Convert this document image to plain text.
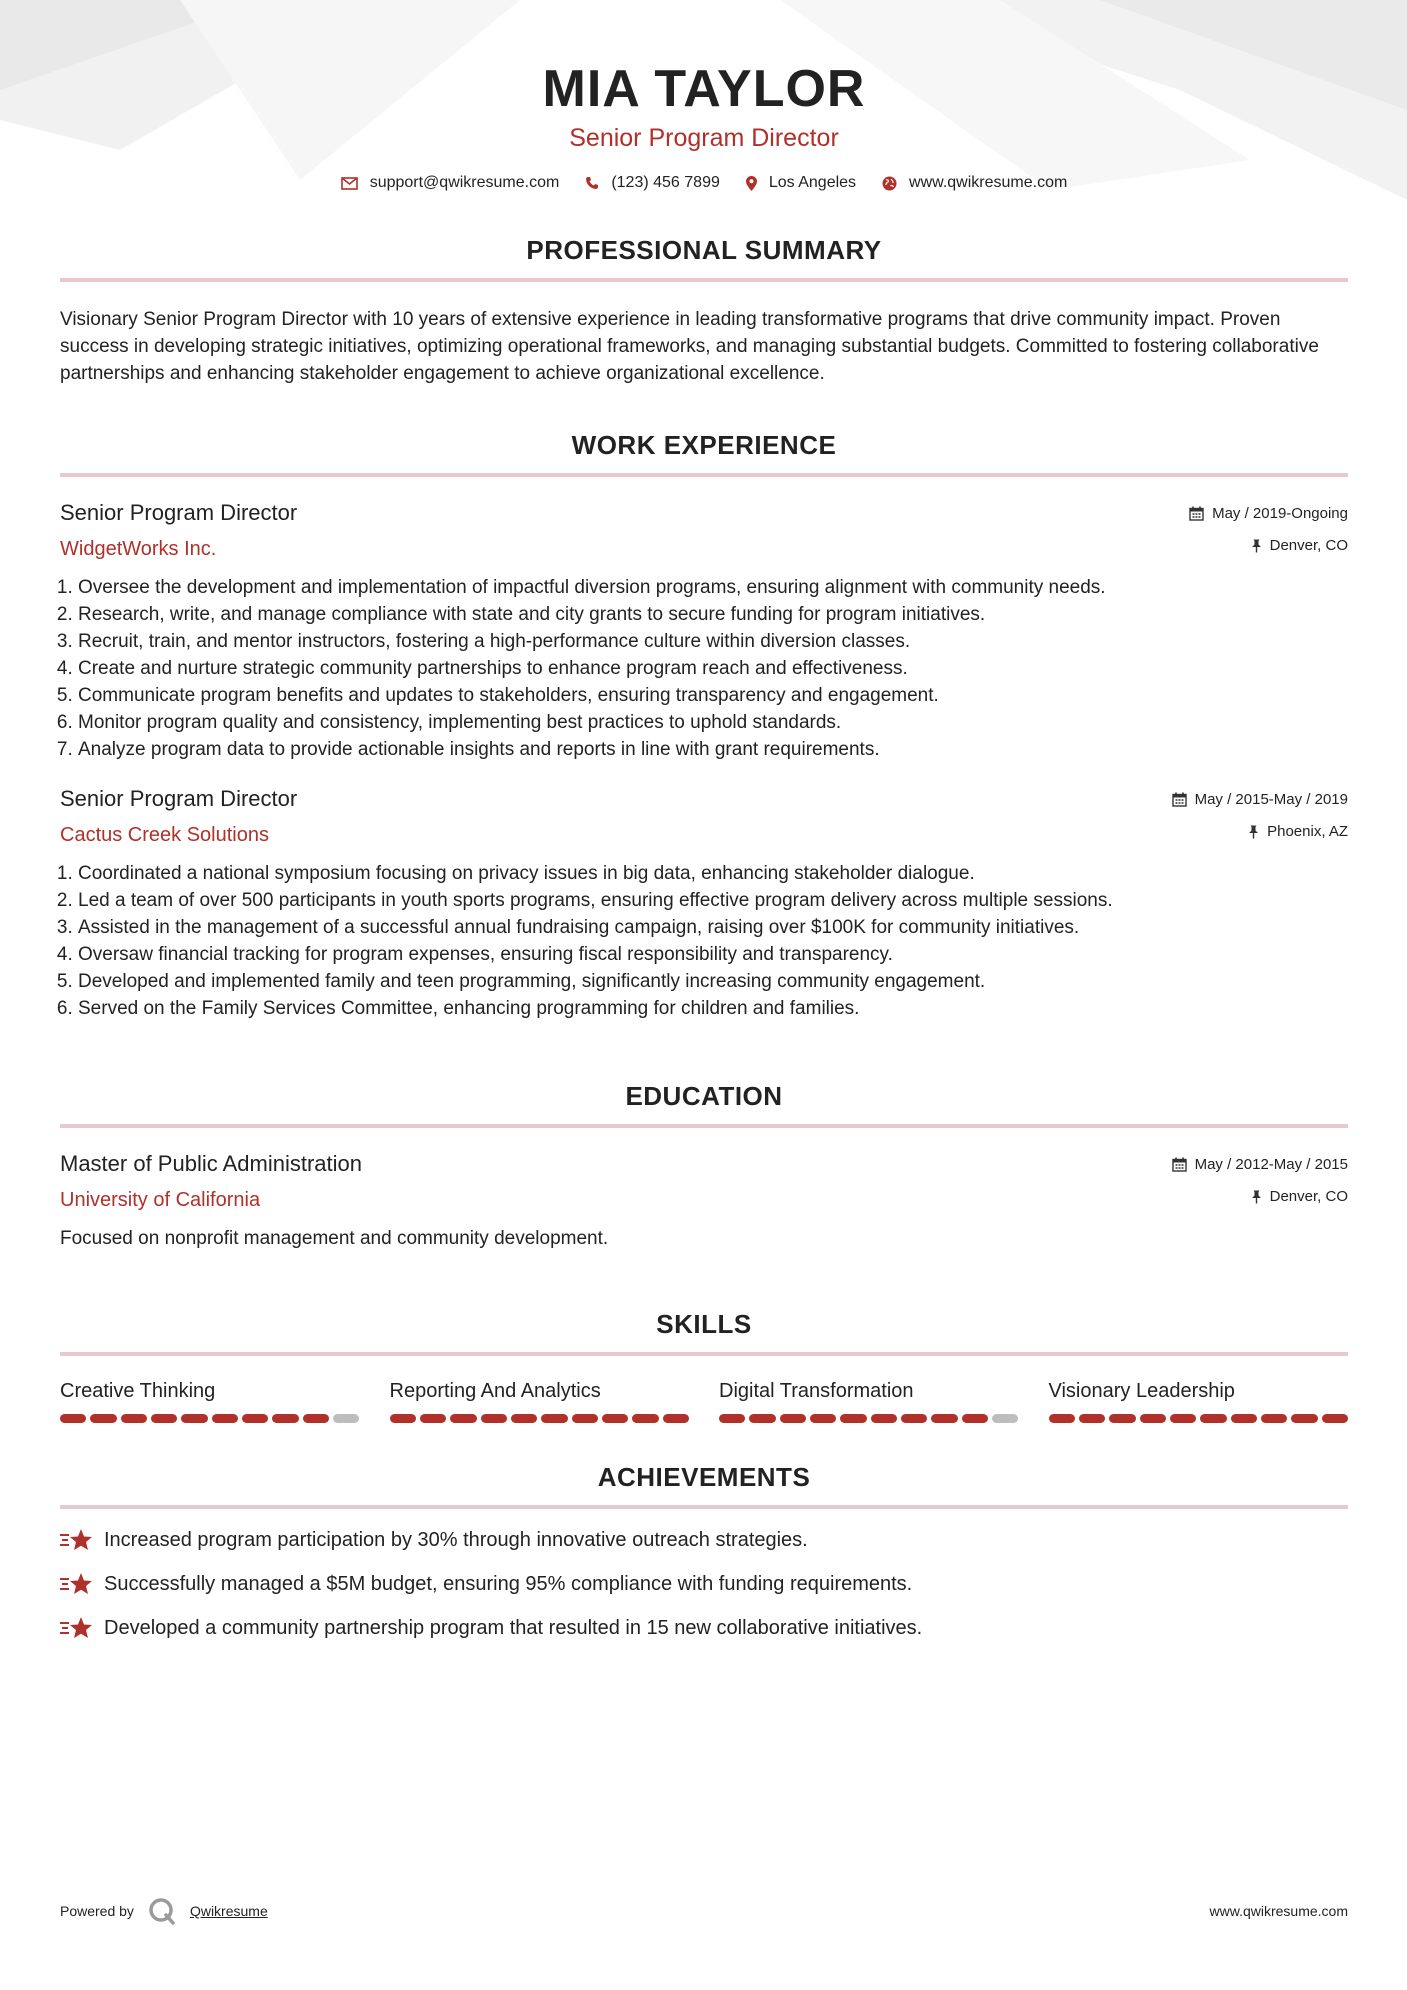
MIA TAYLOR
Senior Program Director
support@qwikresume.com	(123) 456 7899	Los Angeles	www.qwikresume.com
PROFESSIONAL SUMMARY
Visionary Senior Program Director with 10 years of extensive experience in leading transformative programs that drive community impact. Proven success in developing strategic initiatives, optimizing operational frameworks, and managing substantial budgets. Committed to fostering collaborative partnerships and enhancing stakeholder engagement to achieve organizational excellence.
WORK EXPERIENCE
Senior Program Director
WidgetWorks Inc.
May / 2019-Ongoing
Denver, CO
1. Oversee the development and implementation of impactful diversion programs, ensuring alignment with community needs.
2. Research, write, and manage compliance with state and city grants to secure funding for program initiatives.
3. Recruit, train, and mentor instructors, fostering a high-performance culture within diversion classes.
4. Create and nurture strategic community partnerships to enhance program reach and effectiveness.
5. Communicate program benefits and updates to stakeholders, ensuring transparency and engagement.
6. Monitor program quality and consistency, implementing best practices to uphold standards.
7. Analyze program data to provide actionable insights and reports in line with grant requirements.
Senior Program Director
Cactus Creek Solutions
May / 2015-May / 2019
Phoenix, AZ
1. Coordinated a national symposium focusing on privacy issues in big data, enhancing stakeholder dialogue.
2. Led a team of over 500 participants in youth sports programs, ensuring effective program delivery across multiple sessions.
3. Assisted in the management of a successful annual fundraising campaign, raising over $100K for community initiatives.
4. Oversaw financial tracking for program expenses, ensuring fiscal responsibility and transparency.
5. Developed and implemented family and teen programming, significantly increasing community engagement.
6. Served on the Family Services Committee, enhancing programming for children and families.
EDUCATION
Master of Public Administration
University of California
May / 2012-May / 2015
Denver, CO
Focused on nonprofit management and community development.
SKILLS
Creative Thinking	Reporting And Analytics	Digital Transformation	Visionary Leadership
ACHIEVEMENTS
Increased program participation by 30% through innovative outreach strategies.
Successfully managed a $5M budget, ensuring 95% compliance with funding requirements.
Developed a community partnership program that resulted in 15 new collaborative initiatives.
Powered by	Qwikresume	www.qwikresume.com
